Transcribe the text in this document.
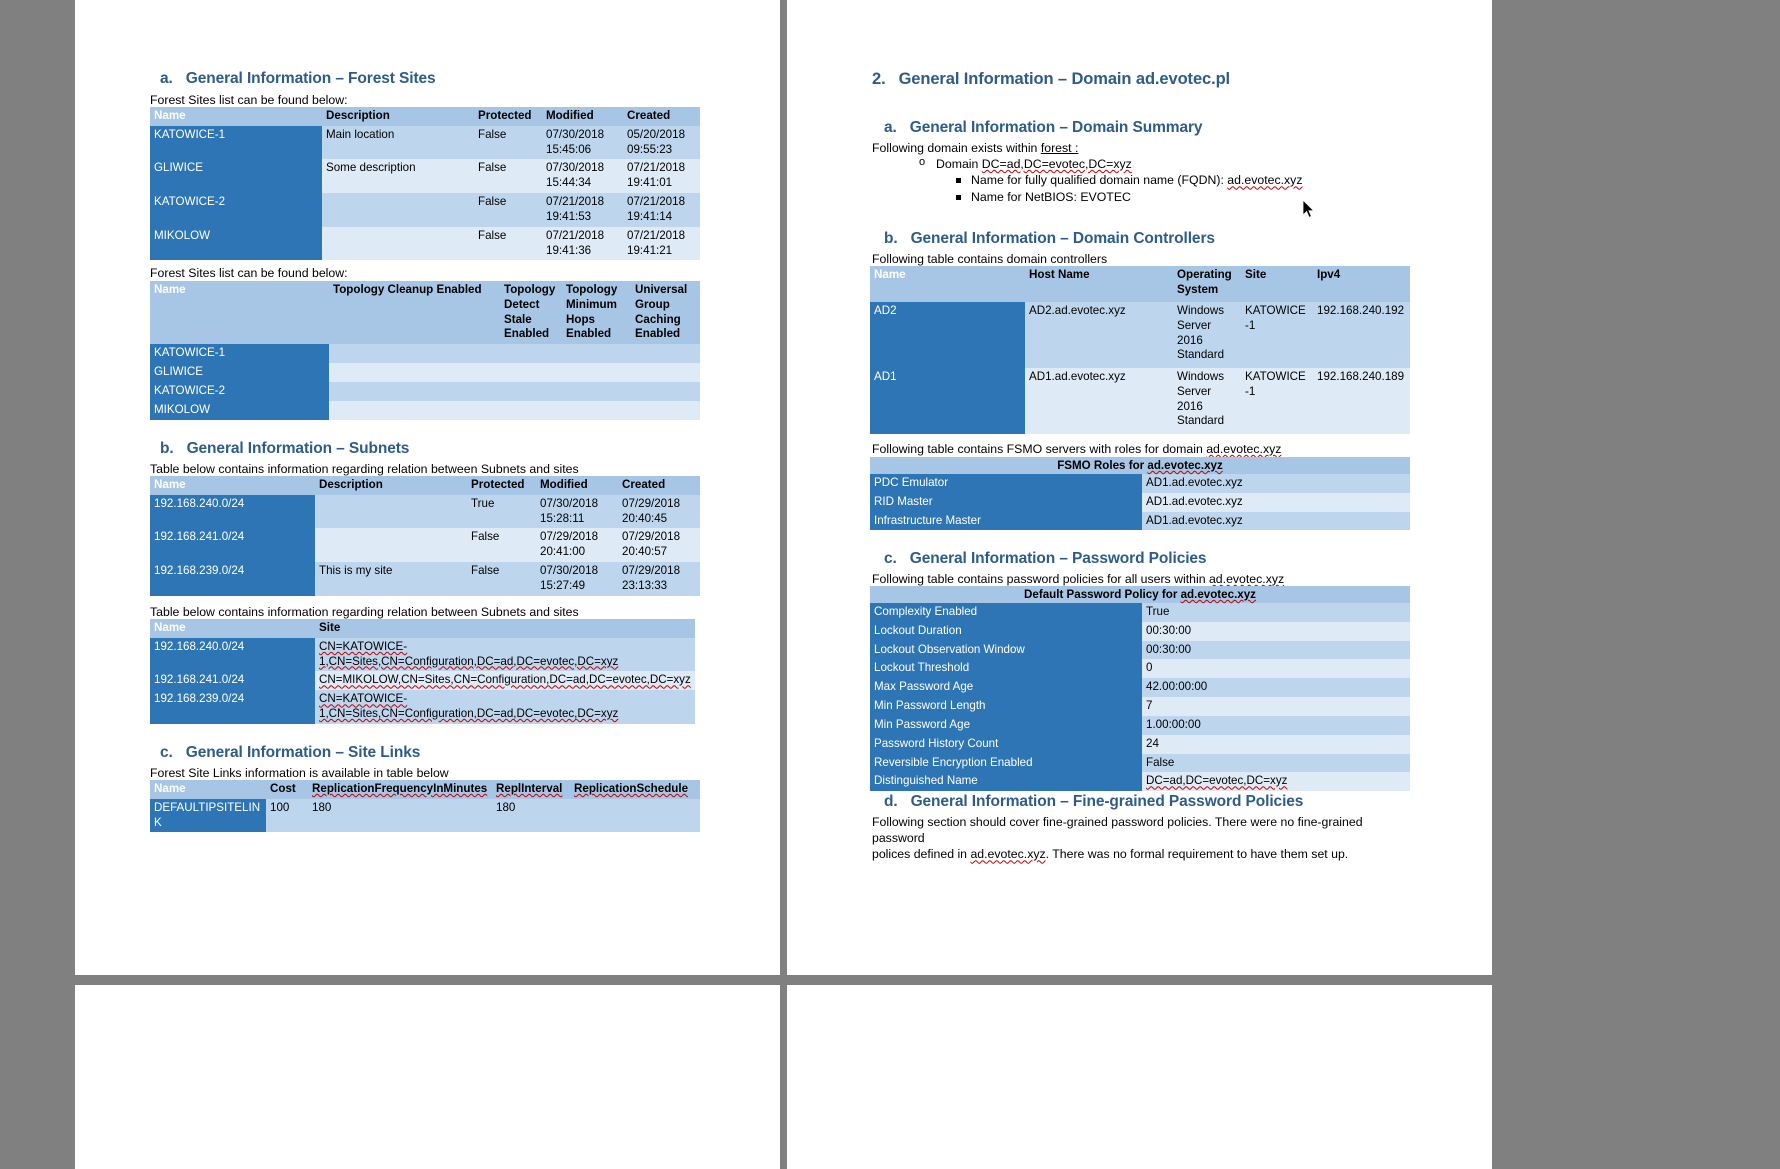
a. General Information – Forest Sites

Forest Sites list can be found below:

Name	Description	Protected	Modified	Created
KATOWICE-1	Main location	False	07/30/2018 15:45:06	05/20/2018 09:55:23
GLIWICE	Some description	False	07/30/2018 15:44:34	07/21/2018 19:41:01
KATOWICE-2		False	07/21/2018 19:41:53	07/21/2018 19:41:14
MIKOLOW		False	07/21/2018 19:41:36	07/21/2018 19:41:21

Forest Sites list can be found below:

Name	Topology Cleanup Enabled	Topology Detect Stale Enabled	Topology Minimum Hops Enabled	Universal Group Caching Enabled
KATOWICE-1				
GLIWICE				
KATOWICE-2				
MIKOLOW				
b. General Information – Subnets

Table below contains information regarding relation between Subnets and sites

Name	Description	Protected	Modified	Created
192.168.240.0/24		True	07/30/2018 15:28:11	07/29/2018 20:40:45
192.168.241.0/24		False	07/29/2018 20:41:00	07/29/2018 20:40:57
192.168.239.0/24	This is my site	False	07/30/2018 15:27:49	07/29/2018 23:13:33

Table below contains information regarding relation between Subnets and sites

Name	Site
192.168.240.0/24	CN=KATOWICE-1,CN=Sites,CN=Configuration,DC=ad,DC=evotec,DC=xyz
192.168.241.0/24	CN=MIKOLOW,CN=Sites,CN=Configuration,DC=ad,DC=evotec,DC=xyz
192.168.239.0/24	CN=KATOWICE-1,CN=Sites,CN=Configuration,DC=ad,DC=evotec,DC=xyz
c. General Information – Site Links

Forest Site Links information is available in table below

Name	Cost	ReplicationFrequencyInMinutes	ReplInterval	ReplicationSchedule
DEFAULTIPSITELINK	100	180	180	
2. General Information – Domain ad.evotec.pl
a. General Information – Domain Summary

Following domain exists within forest :

o Domain DC=ad,DC=evotec,DC=xyz
Name for fully qualified domain name (FQDN): ad.evotec.xyz
Name for NetBIOS: EVOTEC
b. General Information – Domain Controllers

Following table contains domain controllers

Name	Host Name	Operating System	Site	Ipv4
AD2	AD2.ad.evotec.xyz	Windows Server 2016 Standard	KATOWICE-1	192.168.240.192
AD1	AD1.ad.evotec.xyz	Windows Server 2016 Standard	KATOWICE-1	192.168.240.189

Following table contains FSMO servers with roles for domain ad.evotec.xyz

FSMO Roles for ad.evotec.xyz
PDC Emulator	AD1.ad.evotec.xyz
RID Master	AD1.ad.evotec.xyz
Infrastructure Master	AD1.ad.evotec.xyz
c. General Information – Password Policies

Following table contains password policies for all users within ad.evotec.xyz

Default Password Policy for ad.evotec.xyz
Complexity Enabled	True
Lockout Duration	00:30:00
Lockout Observation Window	00:30:00
Lockout Threshold	0
Max Password Age	42.00:00:00
Min Password Length	7
Min Password Age	1.00:00:00
Password History Count	24
Reversible Encryption Enabled	False
Distinguished Name	DC=ad,DC=evotec,DC=xyz
d. General Information – Fine-grained Password Policies

Following section should cover fine-grained password policies. There were no fine-grained password

polices defined in ad.evotec.xyz. There was no formal requirement to have them set up.
